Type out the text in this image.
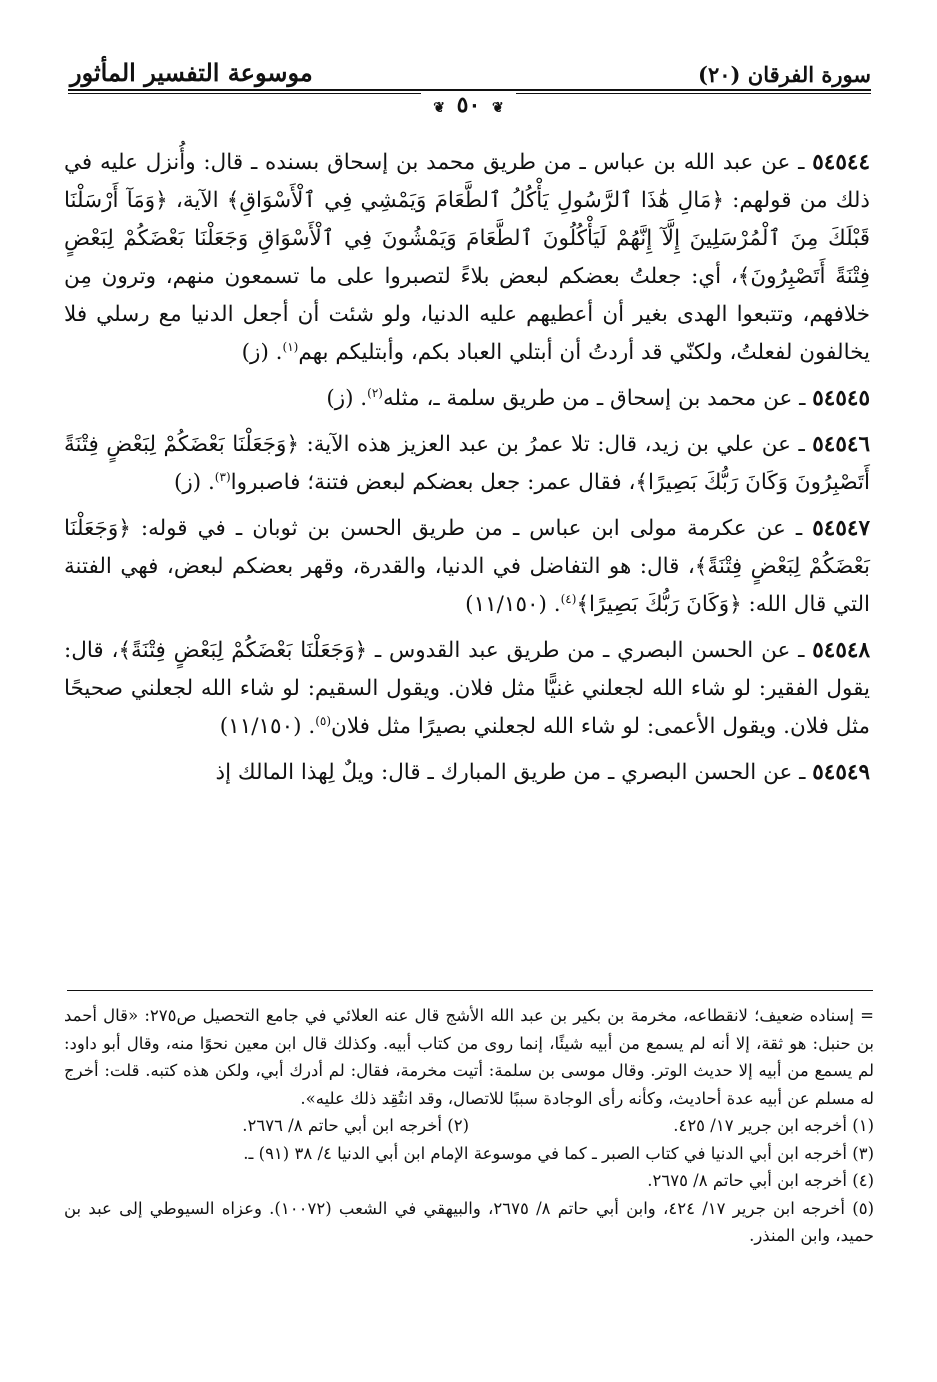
سورة الفرقان (٢٠)
موسوعة التفسير المأثور
❦ ٥٠ ❦

٥٤٥٤٤ ـ عن عبد الله بن عباس ـ من طريق محمد بن إسحاق بسنده ـ قال: وأُنزل عليه في ذلك من قولهم: ﴿مَالِ هَٰذَا ٱلرَّسُولِ يَأْكُلُ ٱلطَّعَامَ وَيَمْشِي فِي ٱلْأَسْوَاقِ﴾ الآية، ﴿وَمَآ أَرْسَلْنَا قَبْلَكَ مِنَ ٱلْمُرْسَلِينَ إِلَّآ إِنَّهُمْ لَيَأْكُلُونَ ٱلطَّعَامَ وَيَمْشُونَ فِي ٱلْأَسْوَاقِ وَجَعَلْنَا بَعْضَكُمْ لِبَعْضٍ فِتْنَةً أَتَصْبِرُونَ﴾، أي: جعلتُ بعضكم لبعض بلاءً لتصبروا على ما تسمعون منهم، وترون مِن خلافهم، وتتبعوا الهدى بغير أن أعطيهم عليه الدنيا، ولو شئت أن أجعل الدنيا مع رسلي فلا يخالفون لفعلتُ، ولكنّي قد أردتُ أن أبتلي العباد بكم، وأبتليكم بهم$^{(١)}$. (ز)

٥٤٥٤٥ ـ عن محمد بن إسحاق ـ من طريق سلمة ـ، مثله$^{(٢)}$. (ز)

٥٤٥٤٦ ـ عن علي بن زيد، قال: تلا عمرُ بن عبد العزيز هذه الآية: ﴿وَجَعَلْنَا بَعْضَكُمْ لِبَعْضٍ فِتْنَةً أَتَصْبِرُونَ وَكَانَ رَبُّكَ بَصِيرًا﴾، فقال عمر: جعل بعضكم لبعض فتنة؛ فاصبروا$^{(٣)}$. (ز)

٥٤٥٤٧ ـ عن عكرمة مولى ابن عباس ـ من طريق الحسن بن ثوبان ـ في قوله: ﴿وَجَعَلْنَا بَعْضَكُمْ لِبَعْضٍ فِتْنَةً﴾، قال: هو التفاضل في الدنيا، والقدرة، وقهر بعضكم لبعض، فهي الفتنة التي قال الله: ﴿وَكَانَ رَبُّكَ بَصِيرًا﴾$^{(٤)}$. (١١/١٥٠)

٥٤٥٤٨ ـ عن الحسن البصري ـ من طريق عبد القدوس ـ ﴿وَجَعَلْنَا بَعْضَكُمْ لِبَعْضٍ فِتْنَةً﴾، قال: يقول الفقير: لو شاء الله لجعلني غنيًّا مثل فلان. ويقول السقيم: لو شاء الله لجعلني صحيحًا مثل فلان. ويقول الأعمى: لو شاء الله لجعلني بصيرًا مثل فلان$^{(٥)}$. (١١/١٥٠)

٥٤٥٤٩ ـ عن الحسن البصري ـ من طريق المبارك ـ قال: ويلٌ لِهذا المالك إذ

= إسناده ضعيف؛ لانقطاعه، مخرمة بن بكير بن عبد الله الأشج قال عنه العلائي في جامع التحصيل ص٢٧٥: «قال أحمد بن حنبل: هو ثقة، إلا أنه لم يسمع من أبيه شيئًا، إنما روى من كتاب أبيه. وكذلك قال ابن معين نحوًا منه، وقال أبو داود: لم يسمع من أبيه إلا حديث الوتر. وقال موسى بن سلمة: أتيت مخرمة، فقال: لم أدرك أبي، ولكن هذه كتبه. قلت: أخرج له مسلم عن أبيه عدة أحاديث، وكأنه رأى الوجادة سببًا للاتصال، وقد انتُقِد ذلك عليه».

(١) أخرجه ابن جرير ١٧/ ٤٢٥.
(٢) أخرجه ابن أبي حاتم ٨/ ٢٦٧٦.

(٣) أخرجه ابن أبي الدنيا في كتاب الصبر ـ كما في موسوعة الإمام ابن أبي الدنيا ٤/ ٣٨ (٩١) ـ.

(٤) أخرجه ابن أبي حاتم ٨/ ٢٦٧٥.

(٥) أخرجه ابن جرير ١٧/ ٤٢٤، وابن أبي حاتم ٨/ ٢٦٧٥، والبيهقي في الشعب (١٠٠٧٢). وعزاه السيوطي إلى عبد بن حميد، وابن المنذر.
